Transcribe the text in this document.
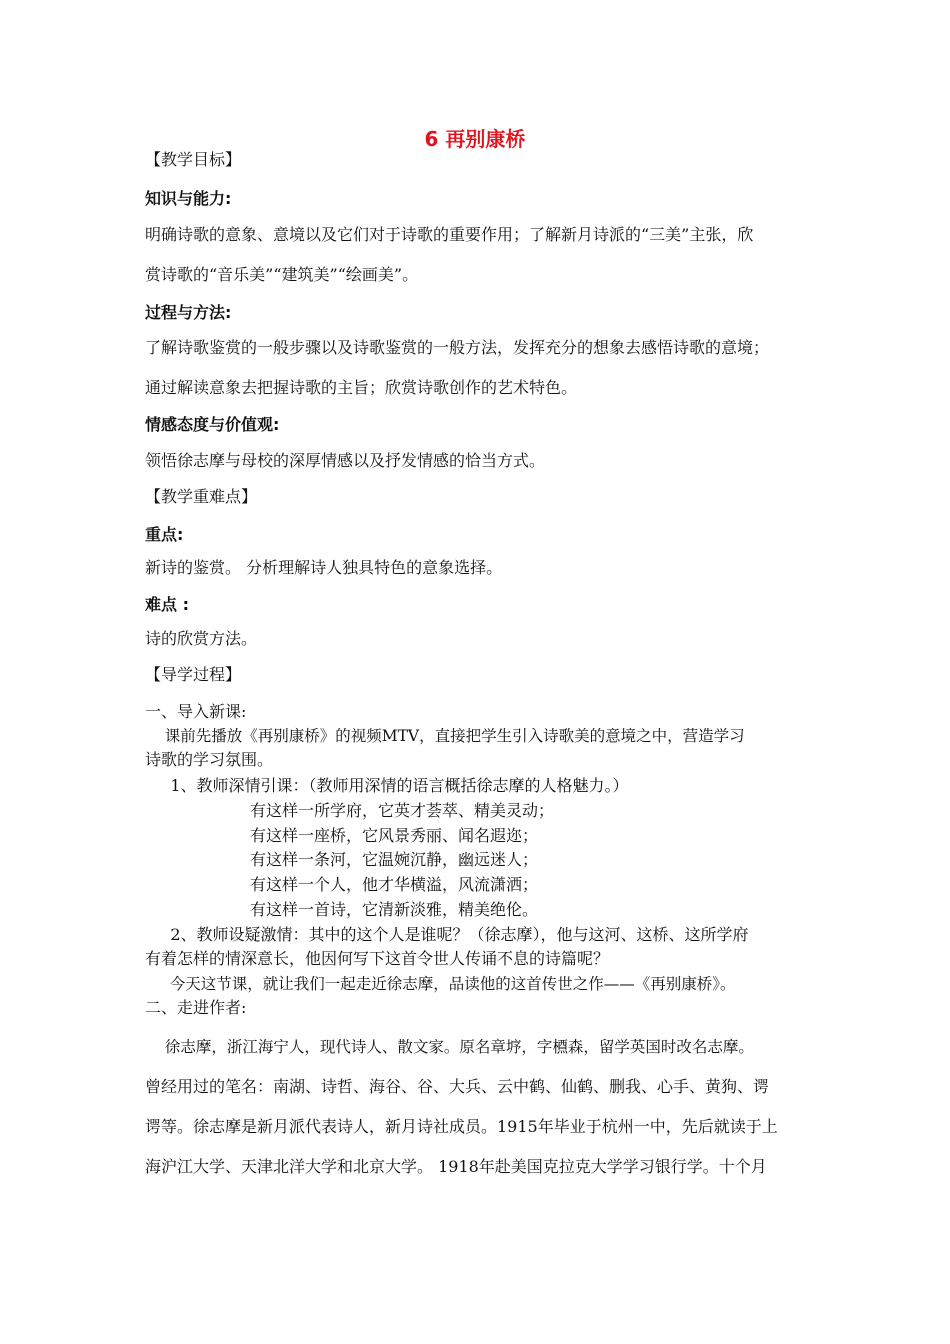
6 再别康桥
【教学目标】
知识与能力:
明确诗歌的意象、意境以及它们对于诗歌的重要作用；了解新月诗派的“三美”主张，欣
赏诗歌的“音乐美”“建筑美”“绘画美”。
过程与方法:
了解诗歌鉴赏的一般步骤以及诗歌鉴赏的一般方法，发挥充分的想象去感悟诗歌的意境；
通过解读意象去把握诗歌的主旨；欣赏诗歌创作的艺术特色。
情感态度与价值观:
领悟徐志摩与母校的深厚情感以及抒发情感的恰当方式。
【教学重难点】
重点:
新诗的鉴赏。 分析理解诗人独具特色的意象选择。
难点 :
诗的欣赏方法。
【导学过程】
一、导入新课:
课前先播放《再别康桥》的视频MTV，直接把学生引入诗歌美的意境之中，营造学习
诗歌的学习氛围。
1、教师深情引课：（教师用深情的语言概括徐志摩的人格魅力。）
有这样一所学府，它英才荟萃、精美灵动；
有这样一座桥，它风景秀丽、闻名遐迩；
有这样一条河，它温婉沉静，幽远迷人；
有这样一个人，他才华横溢，风流潇洒；
有这样一首诗，它清新淡雅，精美绝伦。
2、教师设疑激情：其中的这个人是谁呢？（徐志摩），他与这河、这桥、这所学府
有着怎样的情深意长，他因何写下这首令世人传诵不息的诗篇呢？
今天这节课，就让我们一起走近徐志摩，品读他的这首传世之作——《再别康桥》。
二、走进作者:
徐志摩，浙江海宁人，现代诗人、散文家。原名章垿，字槱森，留学英国时改名志摩。
曾经用过的笔名：南湖、诗哲、海谷、谷、大兵、云中鹤、仙鹤、删我、心手、黄狗、谔
谔等。徐志摩是新月派代表诗人，新月诗社成员。1915年毕业于杭州一中，先后就读于上
海沪江大学、天津北洋大学和北京大学。 1918年赴美国克拉克大学学习银行学。十个月
